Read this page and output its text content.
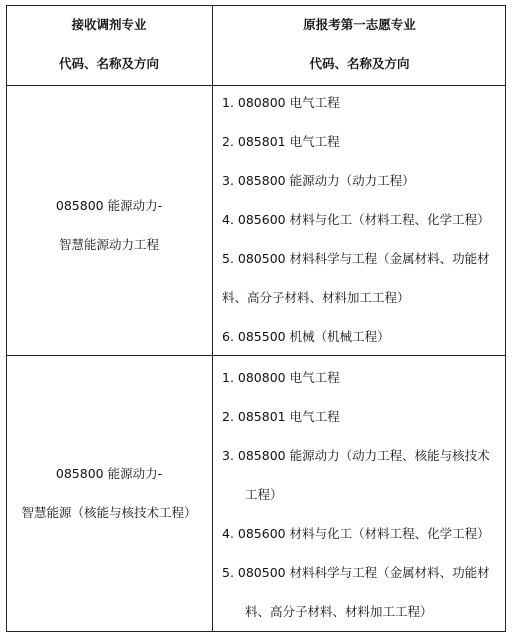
接收调剂专业
代码、名称及方向
原报考第一志愿专业
代码、名称及方向
085800 能源动力-
智慧能源动力工程
1. 080800 电气工程
2. 085801 电气工程
3. 085800 能源动力（动力工程）
4. 085600 材料与化工（材料工程、化学工程）
5. 080500 材料科学与工程（金属材料、功能材
料、高分子材料、材料加工工程）
6. 085500 机械（机械工程）
085800 能源动力-
智慧能源（核能与核技术工程）
1. 080800 电气工程
2. 085801 电气工程
3. 085800 能源动力（动力工程、核能与核技术
工程）
4. 085600 材料与化工（材料工程、化学工程）
5. 080500 材料科学与工程（金属材料、功能材
料、高分子材料、材料加工工程）
